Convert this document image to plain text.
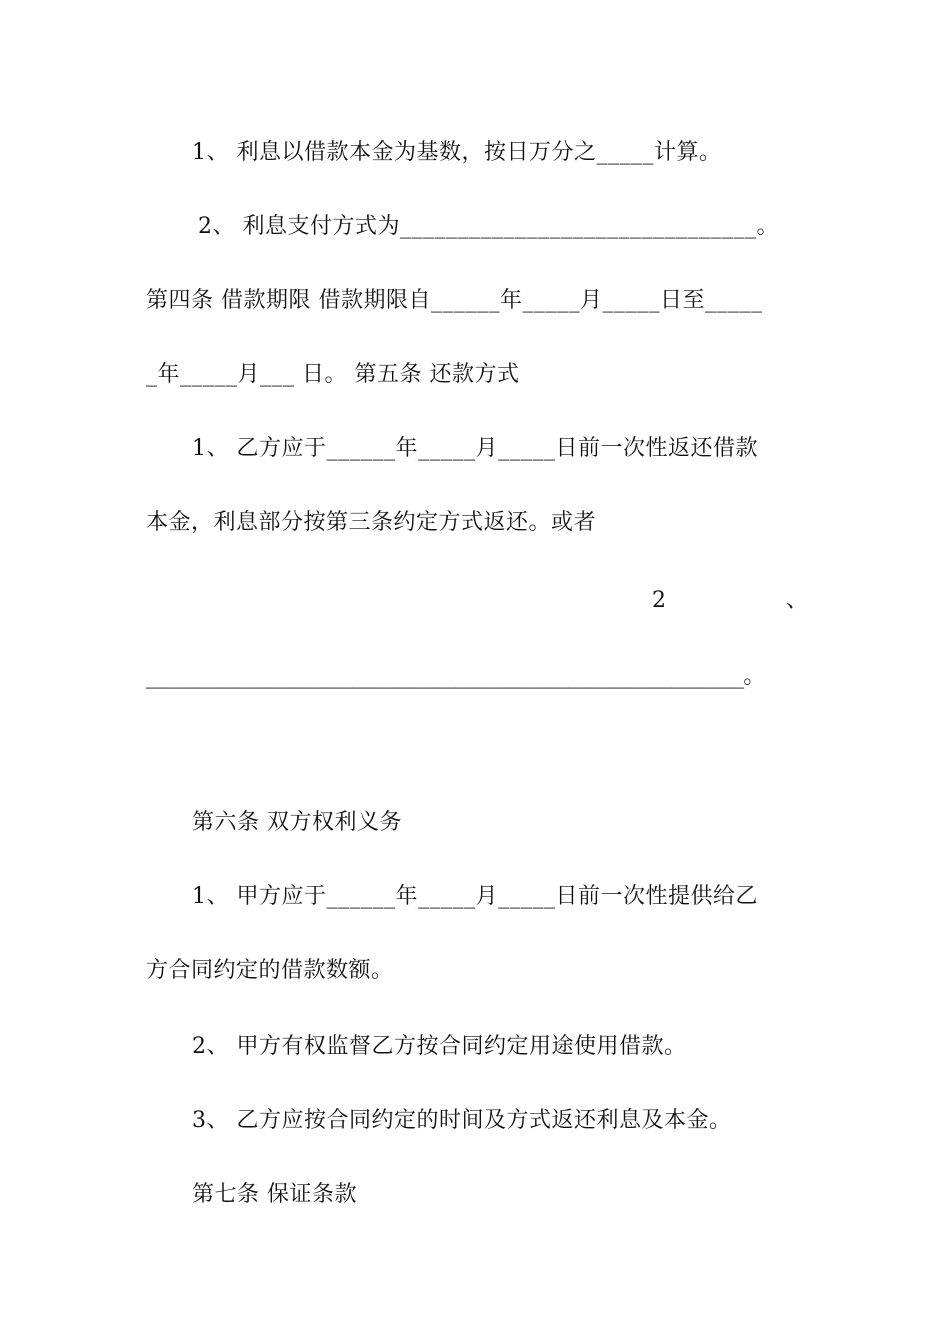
1、 利息以借款本金为基数，按日万分之_____计算。
2、 利息支付方式为_______________________________。
第四条 借款期限 借款期限自______年_____月_____日至_____
_年_____月___ 日。 第五条 还款方式
1、 乙方应于______年_____月_____日前一次性返还借款
本金，利息部分按第三条约定方式返还。或者
2	、
__________________________________________________________。
第六条 双方权利义务
1、 甲方应于______年_____月_____日前一次性提供给乙
方合同约定的借款数额。
2、 甲方有权监督乙方按合同约定用途使用借款。
3、 乙方应按合同约定的时间及方式返还利息及本金。
第七条 保证条款
